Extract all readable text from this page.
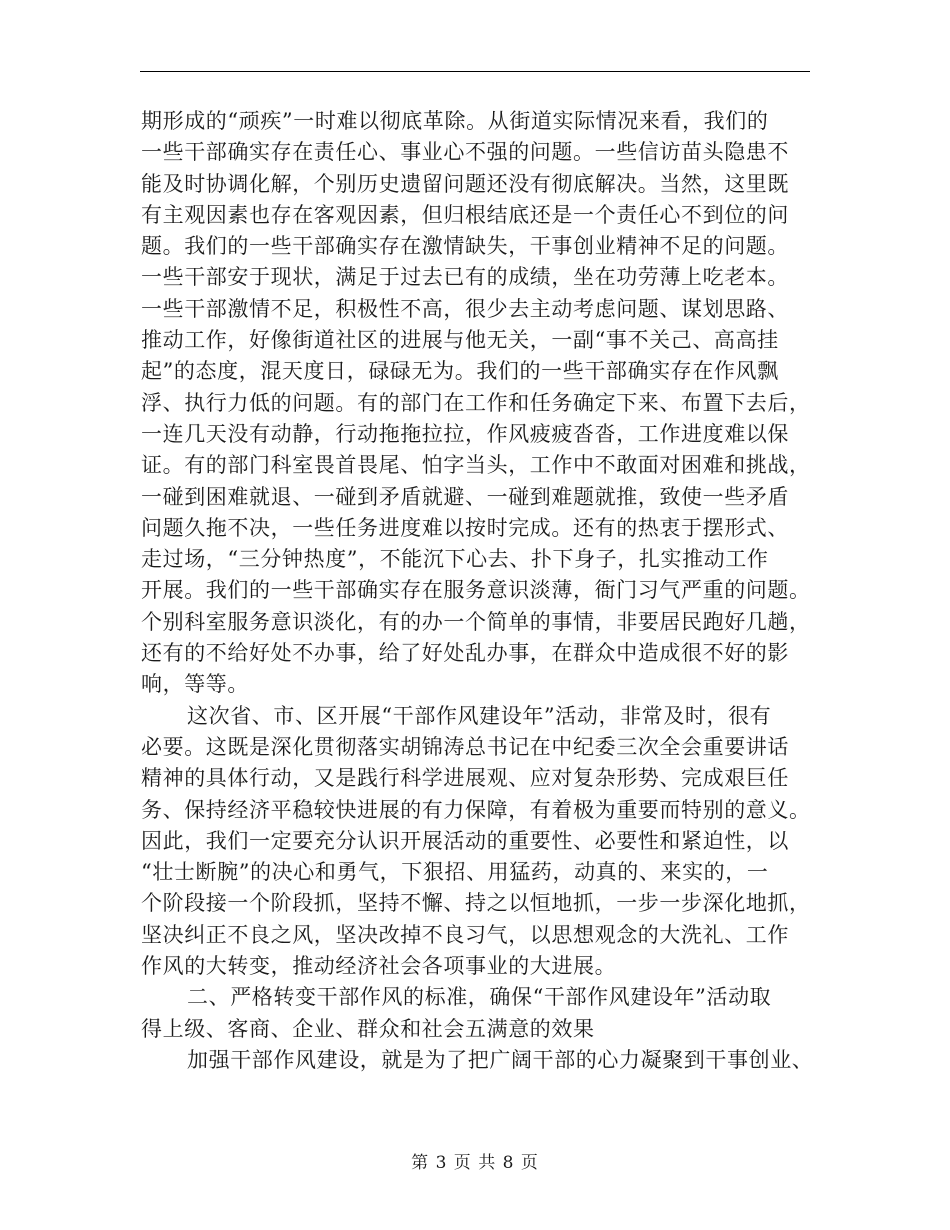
期形成的“顽疾”一时难以彻底革除。从街道实际情况来看，我们的
一些干部确实存在责任心、事业心不强的问题。一些信访苗头隐患不
能及时协调化解，个别历史遗留问题还没有彻底解决。当然，这里既
有主观因素也存在客观因素，但归根结底还是一个责任心不到位的问
题。我们的一些干部确实存在激情缺失，干事创业精神不足的问题。
一些干部安于现状，满足于过去已有的成绩，坐在功劳薄上吃老本。
一些干部激情不足，积极性不高，很少去主动考虑问题、谋划思路、
推动工作，好像街道社区的进展与他无关，一副“事不关己、高高挂
起”的态度，混天度日，碌碌无为。我们的一些干部确实存在作风飘
浮、执行力低的问题。有的部门在工作和任务确定下来、布置下去后，
一连几天没有动静，行动拖拖拉拉，作风疲疲沓沓，工作进度难以保
证。有的部门科室畏首畏尾、怕字当头，工作中不敢面对困难和挑战，
一碰到困难就退、一碰到矛盾就避、一碰到难题就推，致使一些矛盾
问题久拖不决，一些任务进度难以按时完成。还有的热衷于摆形式、
走过场，“三分钟热度”，不能沉下心去、扑下身子，扎实推动工作
开展。我们的一些干部确实存在服务意识淡薄，衙门习气严重的问题。
个别科室服务意识淡化，有的办一个简单的事情，非要居民跑好几趟，
还有的不给好处不办事，给了好处乱办事，在群众中造成很不好的影
响，等等。
这次省、市、区开展“干部作风建设年”活动，非常及时，很有
必要。这既是深化贯彻落实胡锦涛总书记在中纪委三次全会重要讲话
精神的具体行动，又是践行科学进展观、应对复杂形势、完成艰巨任
务、保持经济平稳较快进展的有力保障，有着极为重要而特别的意义。
因此，我们一定要充分认识开展活动的重要性、必要性和紧迫性，以
“壮士断腕”的决心和勇气，下狠招、用猛药，动真的、来实的，一
个阶段接一个阶段抓，坚持不懈、持之以恒地抓，一步一步深化地抓，
坚决纠正不良之风，坚决改掉不良习气，以思想观念的大洗礼、工作
作风的大转变，推动经济社会各项事业的大进展。
二、严格转变干部作风的标准，确保“干部作风建设年”活动取
得上级、客商、企业、群众和社会五满意的效果
加强干部作风建设，就是为了把广阔干部的心力凝聚到干事创业、
第 3 页 共 8 页
